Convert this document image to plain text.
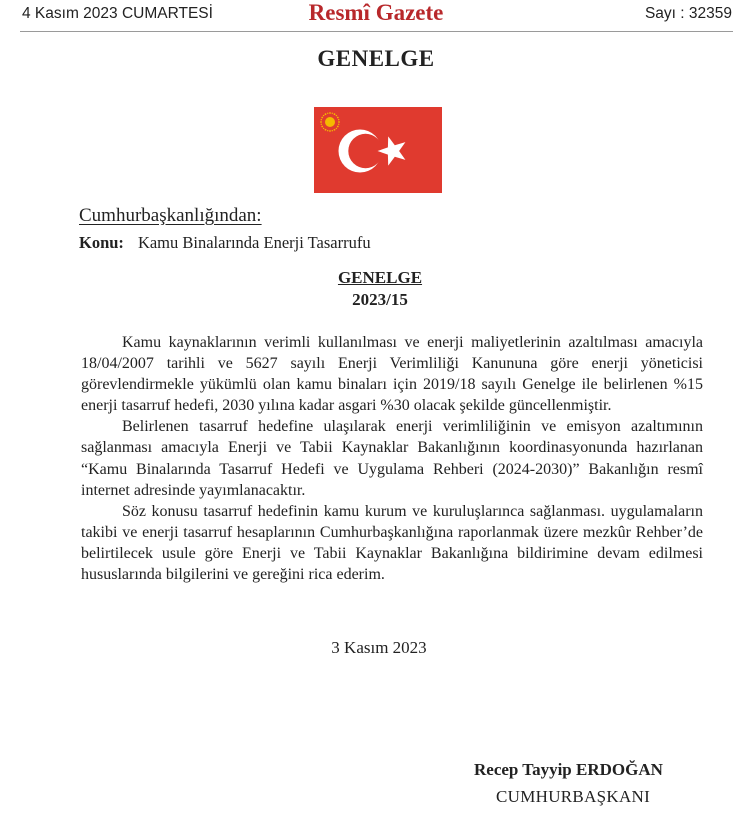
4 Kasım 2023 CUMARTESİ	Resmî Gazete	Sayı : 32359
GENELGE
Cumhurbaşkanlığından:
Konu: Kamu Binalarında Enerji Tasarrufu
GENELGE
2023/15

Kamu kaynaklarının verimli kullanılması ve enerji maliyetlerinin azaltılması amacıyla 18/04/2007 tarihli ve 5627 sayılı Enerji Verimliliği Kanununa göre enerji yöneticisi görevlendirmekle yükümlü olan kamu binaları için 2019/18 sayılı Genelge ile belirlenen %15 enerji tasarruf hedefi, 2030 yılına kadar asgari %30 olacak şekilde güncellenmiştir.

Belirlenen tasarruf hedefine ulaşılarak enerji verimliliğinin ve emisyon azaltımının sağlanması amacıyla Enerji ve Tabii Kaynaklar Bakanlığının koordinasyonunda hazırlanan “Kamu Binalarında Tasarruf Hedefi ve Uygulama Rehberi (2024-2030)” Bakanlığın resmî internet adresinde yayımlanacaktır.

Söz konusu tasarruf hedefinin kamu kurum ve kuruluşlarınca sağlanması. uygulamaların takibi ve enerji tasarruf hesaplarının Cumhurbaşkanlığına raporlanmak üzere mezkûr Rehber’de belirtilecek usule göre Enerji ve Tabii Kaynaklar Bakanlığına bildirimine devam edilmesi hususlarında bilgilerini ve gereğini rica ederim.

3 Kasım 2023
Recep Tayyip ERDOĞAN
CUMHURBAŞKANI
